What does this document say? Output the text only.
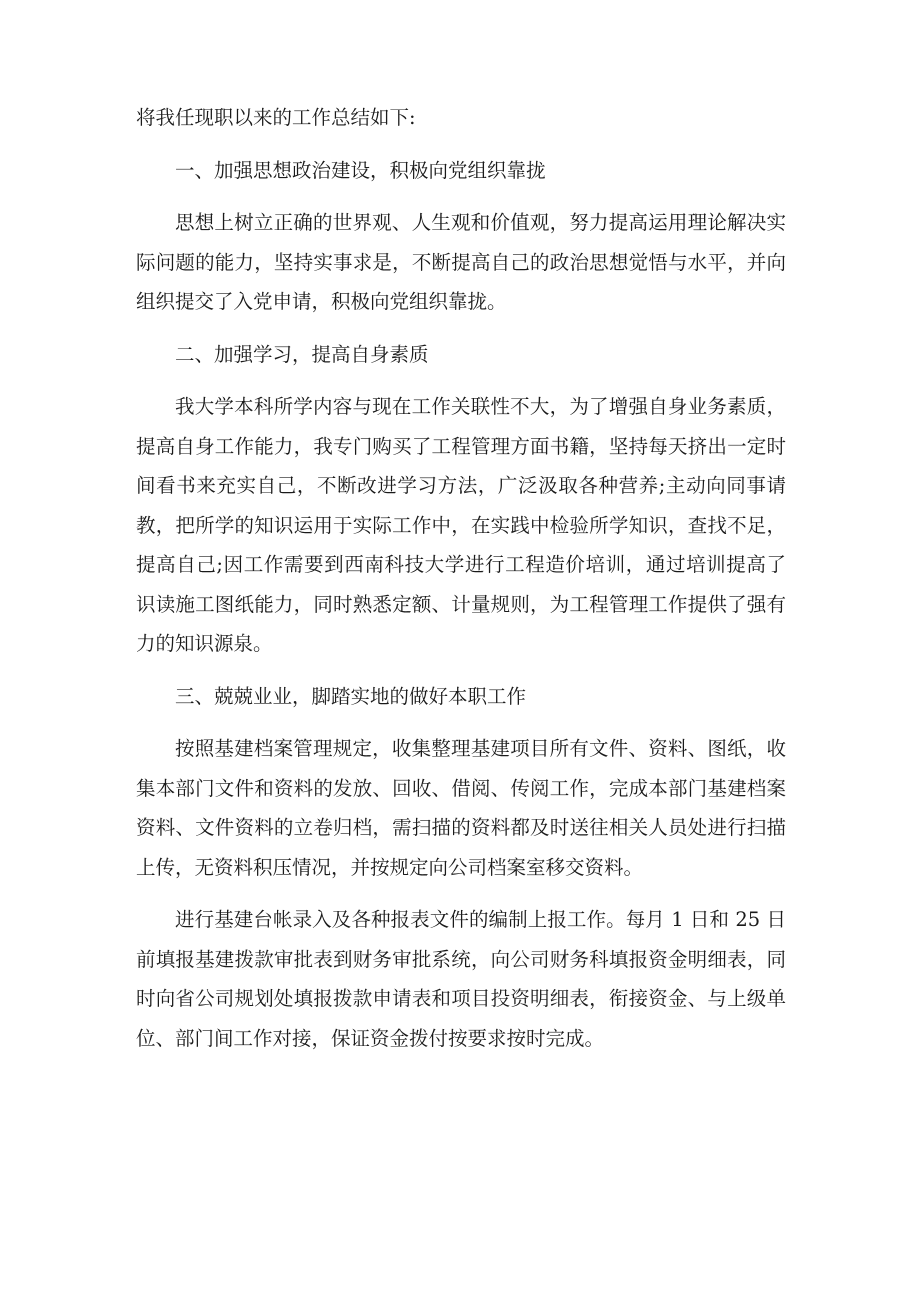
将我任现职以来的工作总结如下:

一、加强思想政治建设，积极向党组织靠拢

思想上树立正确的世界观、人生观和价值观，努力提高运用理论解决实际问题的能力，坚持实事求是，不断提高自己的政治思想觉悟与水平，并向组织提交了入党申请，积极向党组织靠拢。

二、加强学习，提高自身素质

我大学本科所学内容与现在工作关联性不大，为了增强自身业务素质，提高自身工作能力，我专门购买了工程管理方面书籍，坚持每天挤出一定时间看书来充实自己，不断改进学习方法，广泛汲取各种营养;主动向同事请教，把所学的知识运用于实际工作中，在实践中检验所学知识，查找不足，提高自己;因工作需要到西南科技大学进行工程造价培训，通过培训提高了识读施工图纸能力，同时熟悉定额、计量规则，为工程管理工作提供了强有力的知识源泉。

三、兢兢业业，脚踏实地的做好本职工作

按照基建档案管理规定，收集整理基建项目所有文件、资料、图纸，收集本部门文件和资料的发放、回收、借阅、传阅工作，完成本部门基建档案资料、文件资料的立卷归档，需扫描的资料都及时送往相关人员处进行扫描上传，无资料积压情况，并按规定向公司档案室移交资料。

进行基建台帐录入及各种报表文件的编制上报工作。每月 1 日和 25 日前填报基建拨款审批表到财务审批系统，向公司财务科填报资金明细表，同时向省公司规划处填报拨款申请表和项目投资明细表，衔接资金、与上级单位、部门间工作对接，保证资金拨付按要求按时完成。
